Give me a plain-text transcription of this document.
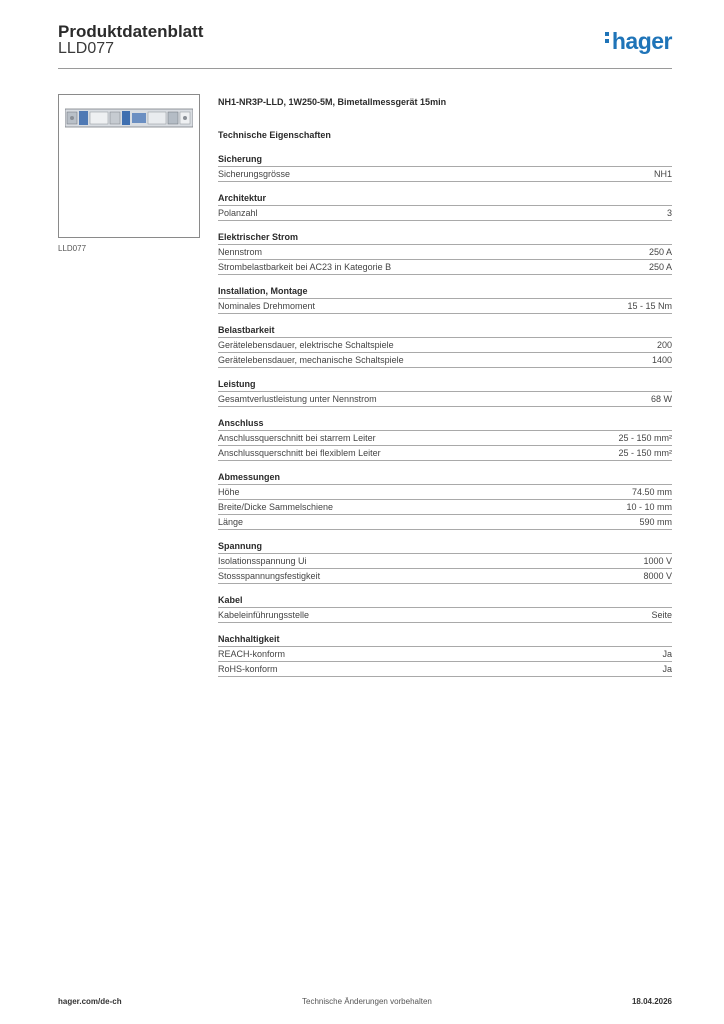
Produktdatenblatt
LLD077	hager
LLD077
NH1-NR3P-LLD, 1W250-5M, Bimetallmessgerät 15min
Technische Eigenschaften
Sicherung
Sicherungsgrösse	NH1
Architektur
Polanzahl	3
Elektrischer Strom
Nennstrom	250 A
Strombelastbarkeit bei AC23 in Kategorie B	250 A
Installation, Montage
Nominales Drehmoment	15 - 15 Nm
Belastbarkeit
Gerätelebensdauer, elektrische Schaltspiele	200
Gerätelebensdauer, mechanische Schaltspiele	1400
Leistung
Gesamtverlustleistung unter Nennstrom	68 W
Anschluss
Anschlussquerschnitt bei starrem Leiter	25 - 150 mm²
Anschlussquerschnitt bei flexiblem Leiter	25 - 150 mm²
Abmessungen
Höhe	74.50 mm
Breite/Dicke Sammelschiene	10 - 10 mm
Länge	590 mm
Spannung
Isolationsspannung Ui	1000 V
Stossspannungsfestigkeit	8000 V
Kabel
Kabeleinführungsstelle	Seite
Nachhaltigkeit
REACH-konform	Ja
RoHS-konform	Ja
hager.com/de-ch	Technische Änderungen vorbehalten	18.04.2026
